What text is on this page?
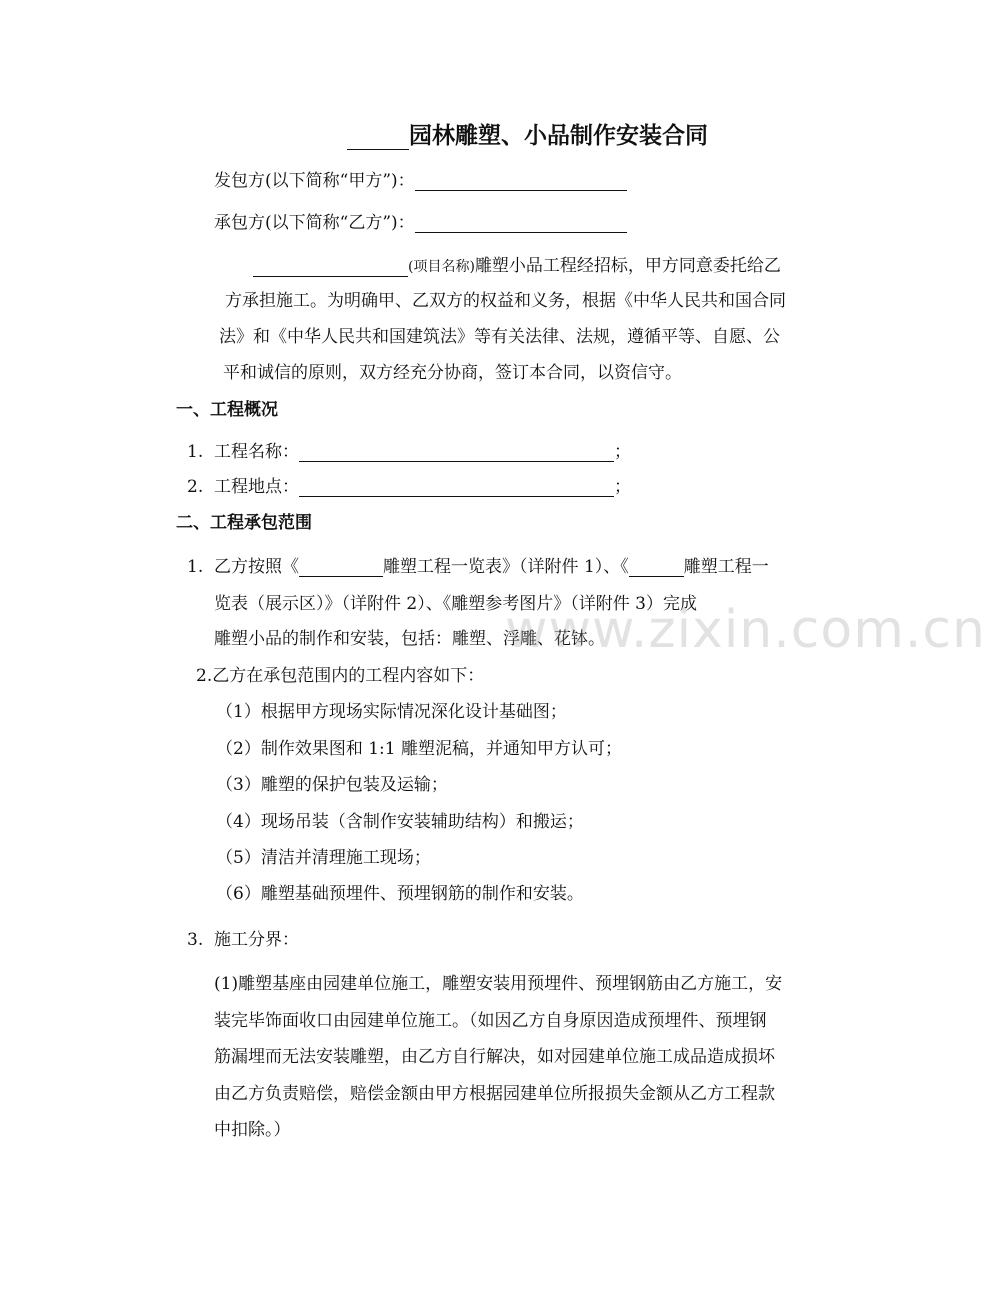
园林雕塑、小品制作安装合同
发包方(以下简称“甲方”)：
承包方(以下简称“乙方”)：
(项目名称)雕塑小品工程经招标，甲方同意委托给乙
方承担施工。为明确甲、乙双方的权益和义务，根据《中华人民共和国合同
法》和《中华人民共和国建筑法》等有关法律、法规，遵循平等、自愿、公
平和诚信的原则，双方经充分协商，签订本合同，以资信守。
一、工程概况
1. 工程名称：	；
2. 工程地点：	；
二、工程承包范围
1. 乙方按照《	雕塑工程一览表》（详附件 1）、《	雕塑工程一
览表（展示区）》（详附件 2）、《雕塑参考图片》（详附件 3）完成
雕塑小品的制作和安装，包括：雕塑、浮雕、花钵。
2.乙方在承包范围内的工程内容如下：
（1）根据甲方现场实际情况深化设计基础图；
（2）制作效果图和 1:1 雕塑泥稿，并通知甲方认可；
（3）雕塑的保护包装及运输；
（4）现场吊装（含制作安装辅助结构）和搬运；
（5）清洁并清理施工现场；
（6）雕塑基础预埋件、预埋钢筋的制作和安装。
3. 施工分界：
(1)雕塑基座由园建单位施工，雕塑安装用预埋件、预埋钢筋由乙方施工，安
装完毕饰面收口由园建单位施工。（如因乙方自身原因造成预埋件、预埋钢
筋漏埋而无法安装雕塑，由乙方自行解决，如对园建单位施工成品造成损坏
由乙方负责赔偿，赔偿金额由甲方根据园建单位所报损失金额从乙方工程款
中扣除。）
www.zixin.com.cn
